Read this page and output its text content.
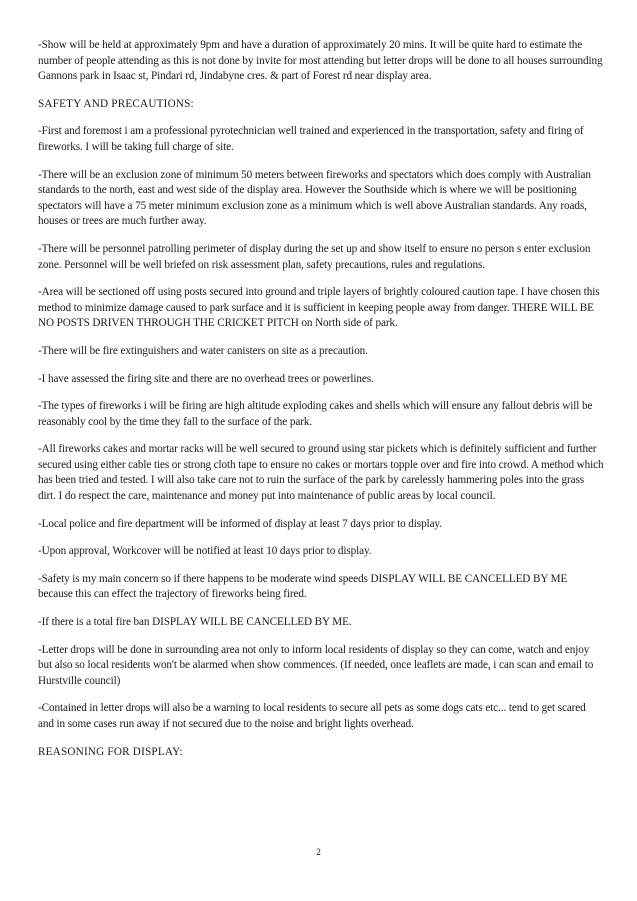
-Show will be held at approximately 9pm and have a duration of approximately 20 mins. It will be quite hard to estimate the number of people attending as this is not done by invite for most attending but letter drops will be done to all houses surrounding Gannons park in Isaac st, Pindari rd, Jindabyne cres. & part of Forest rd near display area.

SAFETY AND PRECAUTIONS:

-First and foremost i am a professional pyrotechnician well trained and experienced in the transportation, safety and firing of fireworks. I will be taking full charge of site.

-There will be an exclusion zone of minimum 50 meters between fireworks and spectators which does comply with Australian standards to the north, east and west side of the display area. However the Southside which is where we will be positioning spectators will have a 75 meter minimum exclusion zone as a minimum which is well above Australian standards. Any roads, houses or trees are much further away.

-There will be personnel patrolling perimeter of display during the set up and show itself to ensure no person s enter exclusion zone. Personnel will be well briefed on risk assessment plan, safety precautions, rules and regulations.

-Area will be sectioned off using posts secured into ground and triple layers of brightly coloured caution tape. I have chosen this method to minimize damage caused to park surface and it is sufficient in keeping people away from danger. THERE WILL BE NO POSTS DRIVEN THROUGH THE CRICKET PITCH on North side of park.

-There will be fire extinguishers and water canisters on site as a precaution.

-I have assessed the firing site and there are no overhead trees or powerlines.

-The types of fireworks i will be firing are high altitude exploding cakes and shells which will ensure any fallout debris will be reasonably cool by the time they fall to the surface of the park.

-All fireworks cakes and mortar racks will be well secured to ground using star pickets which is definitely sufficient and further secured using either cable ties or strong cloth tape to ensure no cakes or mortars topple over and fire into crowd. A method which has been tried and tested. I will also take care not to ruin the surface of the park by carelessly hammering poles into the grass dirt. I do respect the care, maintenance and money put into maintenance of public areas by local council.

-Local police and fire department will be informed of display at least 7 days prior to display.

-Upon approval, Workcover will be notified at least 10 days prior to display.

-Safety is my main concern so if there happens to be moderate wind speeds DISPLAY WILL BE CANCELLED BY ME because this can effect the trajectory of fireworks being fired.

-If there is a total fire ban DISPLAY WILL BE CANCELLED BY ME.

-Letter drops will be done in surrounding area not only to inform local residents of display so they can come, watch and enjoy but also so local residents won't be alarmed when show commences. (If needed, once leaflets are made, i can scan and email to Hurstville council)

-Contained in letter drops will also be a warning to local residents to secure all pets as some dogs cats etc... tend to get scared and in some cases run away if not secured due to the noise and bright lights overhead.

REASONING FOR DISPLAY:

2
